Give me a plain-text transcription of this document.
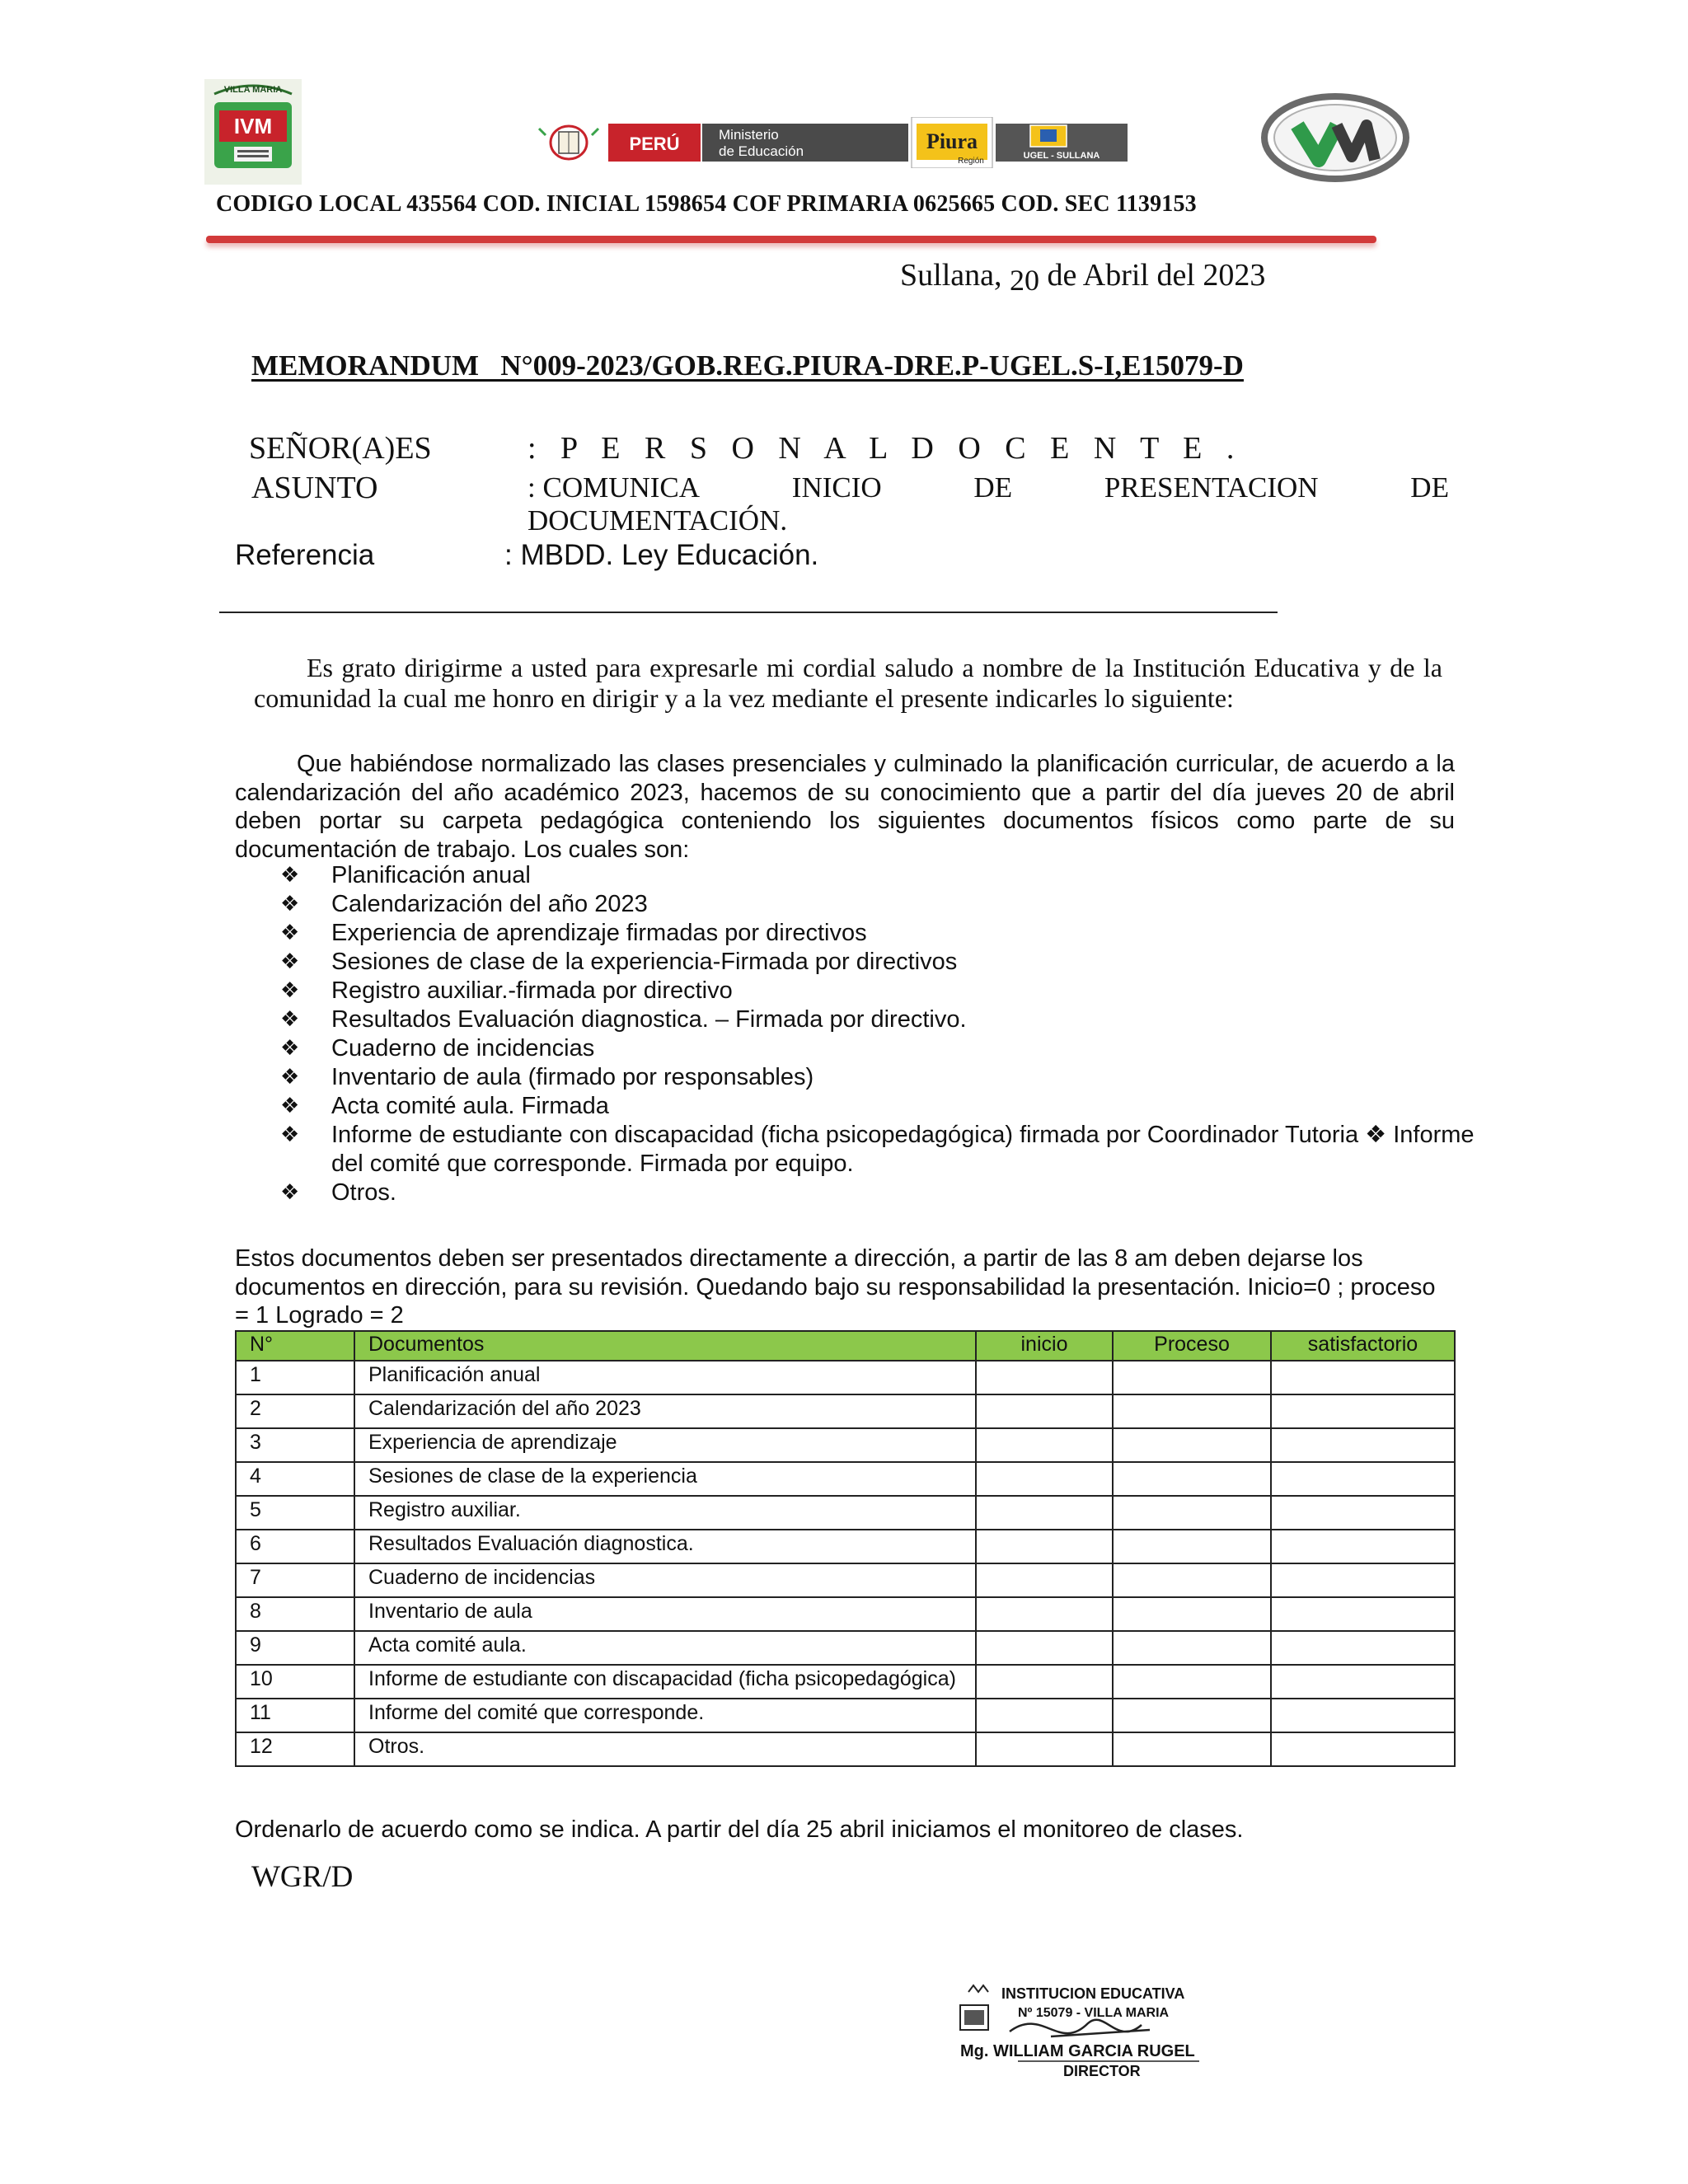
VILLA MARIA
IVM
PERÚ	Ministerio
de Educación	Piura
Región
UGEL - SULLANA
CODIGO LOCAL 435564 COD. INICIAL 1598654 COF PRIMARIA 0625665 COD. SEC 1139153
Sullana, 20 de Abril del 2023
MEMORANDUM   N°009-2023/GOB.REG.PIURA-DRE.P-UGEL.S-I,E15079-D
SEÑOR(A)ES	: P E R S O N A L D O C E N T E .
ASUNTO	: COMUNICA	INICIO	DE	PRESENTACION	DE
DOCUMENTACIÓN.
Referencia	: MBDD. Ley Educación.
Es grato dirigirme a usted para expresarle mi cordial saludo a nombre de la Institución Educativa y de la comunidad la cual me honro en dirigir y a la vez mediante el presente indicarles lo siguiente:
Que habiéndose normalizado las clases presenciales y culminado la planificación curricular, de acuerdo a la calendarización del año académico 2023, hacemos de su conocimiento que a partir del día jueves 20 de abril deben portar su carpeta pedagógica conteniendo los siguientes documentos físicos como parte de su documentación de trabajo. Los cuales son:
❖ Planificación anual
❖ Calendarización del año 2023
❖ Experiencia de aprendizaje firmadas por directivos
❖ Sesiones de clase de la experiencia-Firmada por directivos
❖ Registro auxiliar.-firmada por directivo
❖ Resultados Evaluación diagnostica. – Firmada por directivo.
❖ Cuaderno de incidencias
❖ Inventario de aula (firmado por responsables)
❖ Acta comité aula. Firmada
❖ Informe de estudiante con discapacidad (ficha psicopedagógica) firmada por Coordinador Tutoria ❖ Informe del comité que corresponde. Firmada por equipo.
❖ Otros.
Estos documentos deben ser presentados directamente a dirección, a partir de las 8 am deben dejarse los documentos en dirección, para su revisión. Quedando bajo su responsabilidad la presentación. Inicio=0 ; proceso = 1 Logrado = 2
N°	Documentos	inicio	Proceso	satisfactorio
1	Planificación anual			
2	Calendarización del año 2023			
3	Experiencia de aprendizaje			
4	Sesiones de clase de la experiencia			
5	Registro auxiliar.			
6	Resultados Evaluación diagnostica.			
7	Cuaderno de incidencias			
8	Inventario de aula			
9	Acta comité aula.			
10	Informe de estudiante con discapacidad (ficha psicopedagógica)			
11	Informe del comité que corresponde.			
12	Otros.			
Ordenarlo de acuerdo como se indica. A partir del día 25 abril iniciamos el monitoreo de clases.
WGR/D
INSTITUCION EDUCATIVA
Nº 15079 - VILLA MARIA
Mg. WILLIAM GARCIA RUGEL
DIRECTOR
